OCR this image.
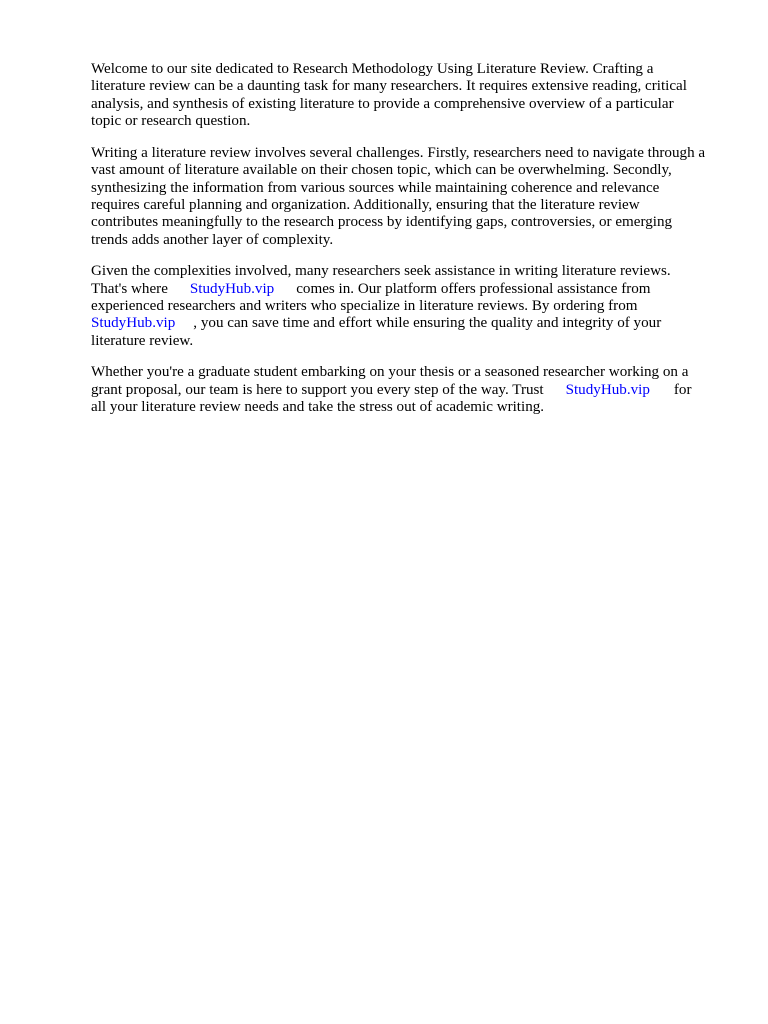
Welcome to our site dedicated to Research Methodology Using Literature Review. Crafting a
literature review can be a daunting task for many researchers. It requires extensive reading, critical
analysis, and synthesis of existing literature to provide a comprehensive overview of a particular
topic or research question.
Writing a literature review involves several challenges. Firstly, researchers need to navigate through a
vast amount of literature available on their chosen topic, which can be overwhelming. Secondly,
synthesizing the information from various sources while maintaining coherence and relevance
requires careful planning and organization. Additionally, ensuring that the literature review
contributes meaningfully to the research process by identifying gaps, controversies, or emerging
trends adds another layer of complexity.
Given the complexities involved, many researchers seek assistance in writing literature reviews.
That's where StudyHub.vip comes in. Our platform offers professional assistance from
experienced researchers and writers who specialize in literature reviews. By ordering from
StudyHub.vip , you can save time and effort while ensuring the quality and integrity of your
literature review.
Whether you're a graduate student embarking on your thesis or a seasoned researcher working on a
grant proposal, our team is here to support you every step of the way. Trust StudyHub.vip for
all your literature review needs and take the stress out of academic writing.
